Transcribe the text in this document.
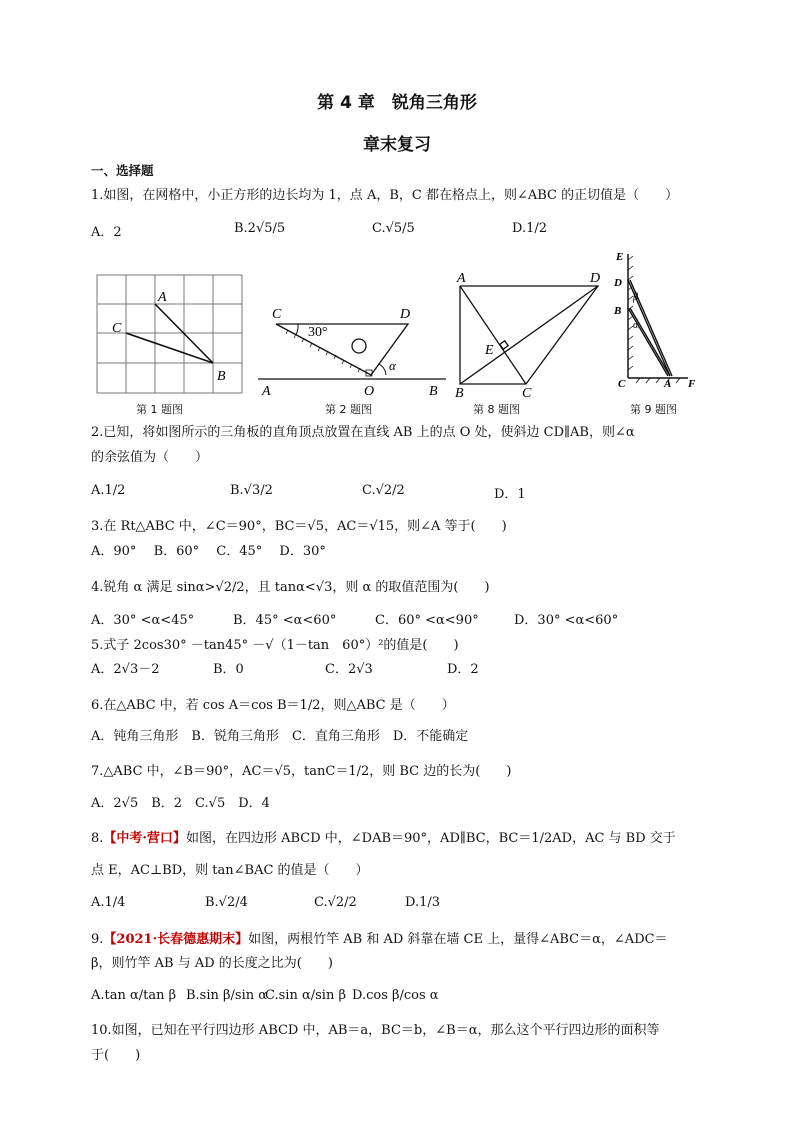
第 4 章　锐角三角形
章末复习
一、选择题
1.如图，在网格中，小正方形的边长均为 1，点 A，B，C 都在格点上，则∠ABC 的正切值是（　　）
A．2	B.2√5/5	C.√5/5	D.1/2
A
C
B
第 1 题图
C	D
A	O	B
30°
α
第 2 题图
A	D
E
B	C
第 8 题图
E
D
B
C	A F
β
α
第 9 题图
2.已知，将如图所示的三角板的直角顶点放置在直线 AB 上的点 O 处，使斜边 CD∥AB，则∠α
的余弦值为（　　）
A.1/2	B.√3/2	C.√2/2	D．1
3.在 Rt△ABC 中，∠C＝90°，BC＝√5，AC＝√15，则∠A 等于(　　)
A．90°　 B．60°　 C．45°　 D．30°
4.锐角 α 满足 sinα>√2/2，且 tanα<√3，则 α 的取值范围为(　　)
A．30° <α<45°	B．45° <α<60°	C．60° <α<90°	D．30° <α<60°
5.式子 2cos30° －tan45° －√（1－tan　60°）²的值是(　　)
A．2√3－2	B．0	C．2√3	D．2
6.在△ABC 中，若 cos A＝cos B＝1/2，则△ABC 是（　　）
A．钝角三角形　B．锐角三角形　C．直角三角形　D．不能确定
7.△ABC 中，∠B＝90°，AC＝√5，tanC＝1/2，则 BC 边的长为(　　)
A．2√5　B．2　C.√5　D．4
8.【中考·营口】如图，在四边形 ABCD 中，∠DAB＝90°，AD∥BC，BC＝1/2AD，AC 与 BD 交于
点 E，AC⊥BD，则 tan∠BAC 的值是（　　）
A.1/4	B.√2/4	C.√2/2	D.1/3
9.【2021·长春德惠期末】如图，两根竹竿 AB 和 AD 斜靠在墙 CE 上，量得∠ABC＝α，∠ADC＝
β，则竹竿 AB 与 AD 的长度之比为(　　)
A.tan α/tan β B.sin β/sin α
C.sin α/sin β D.cos β/cos α
10.如图，已知在平行四边形 ABCD 中，AB＝a，BC＝b，∠B＝α，那么这个平行四边形的面积等
于(　　)
